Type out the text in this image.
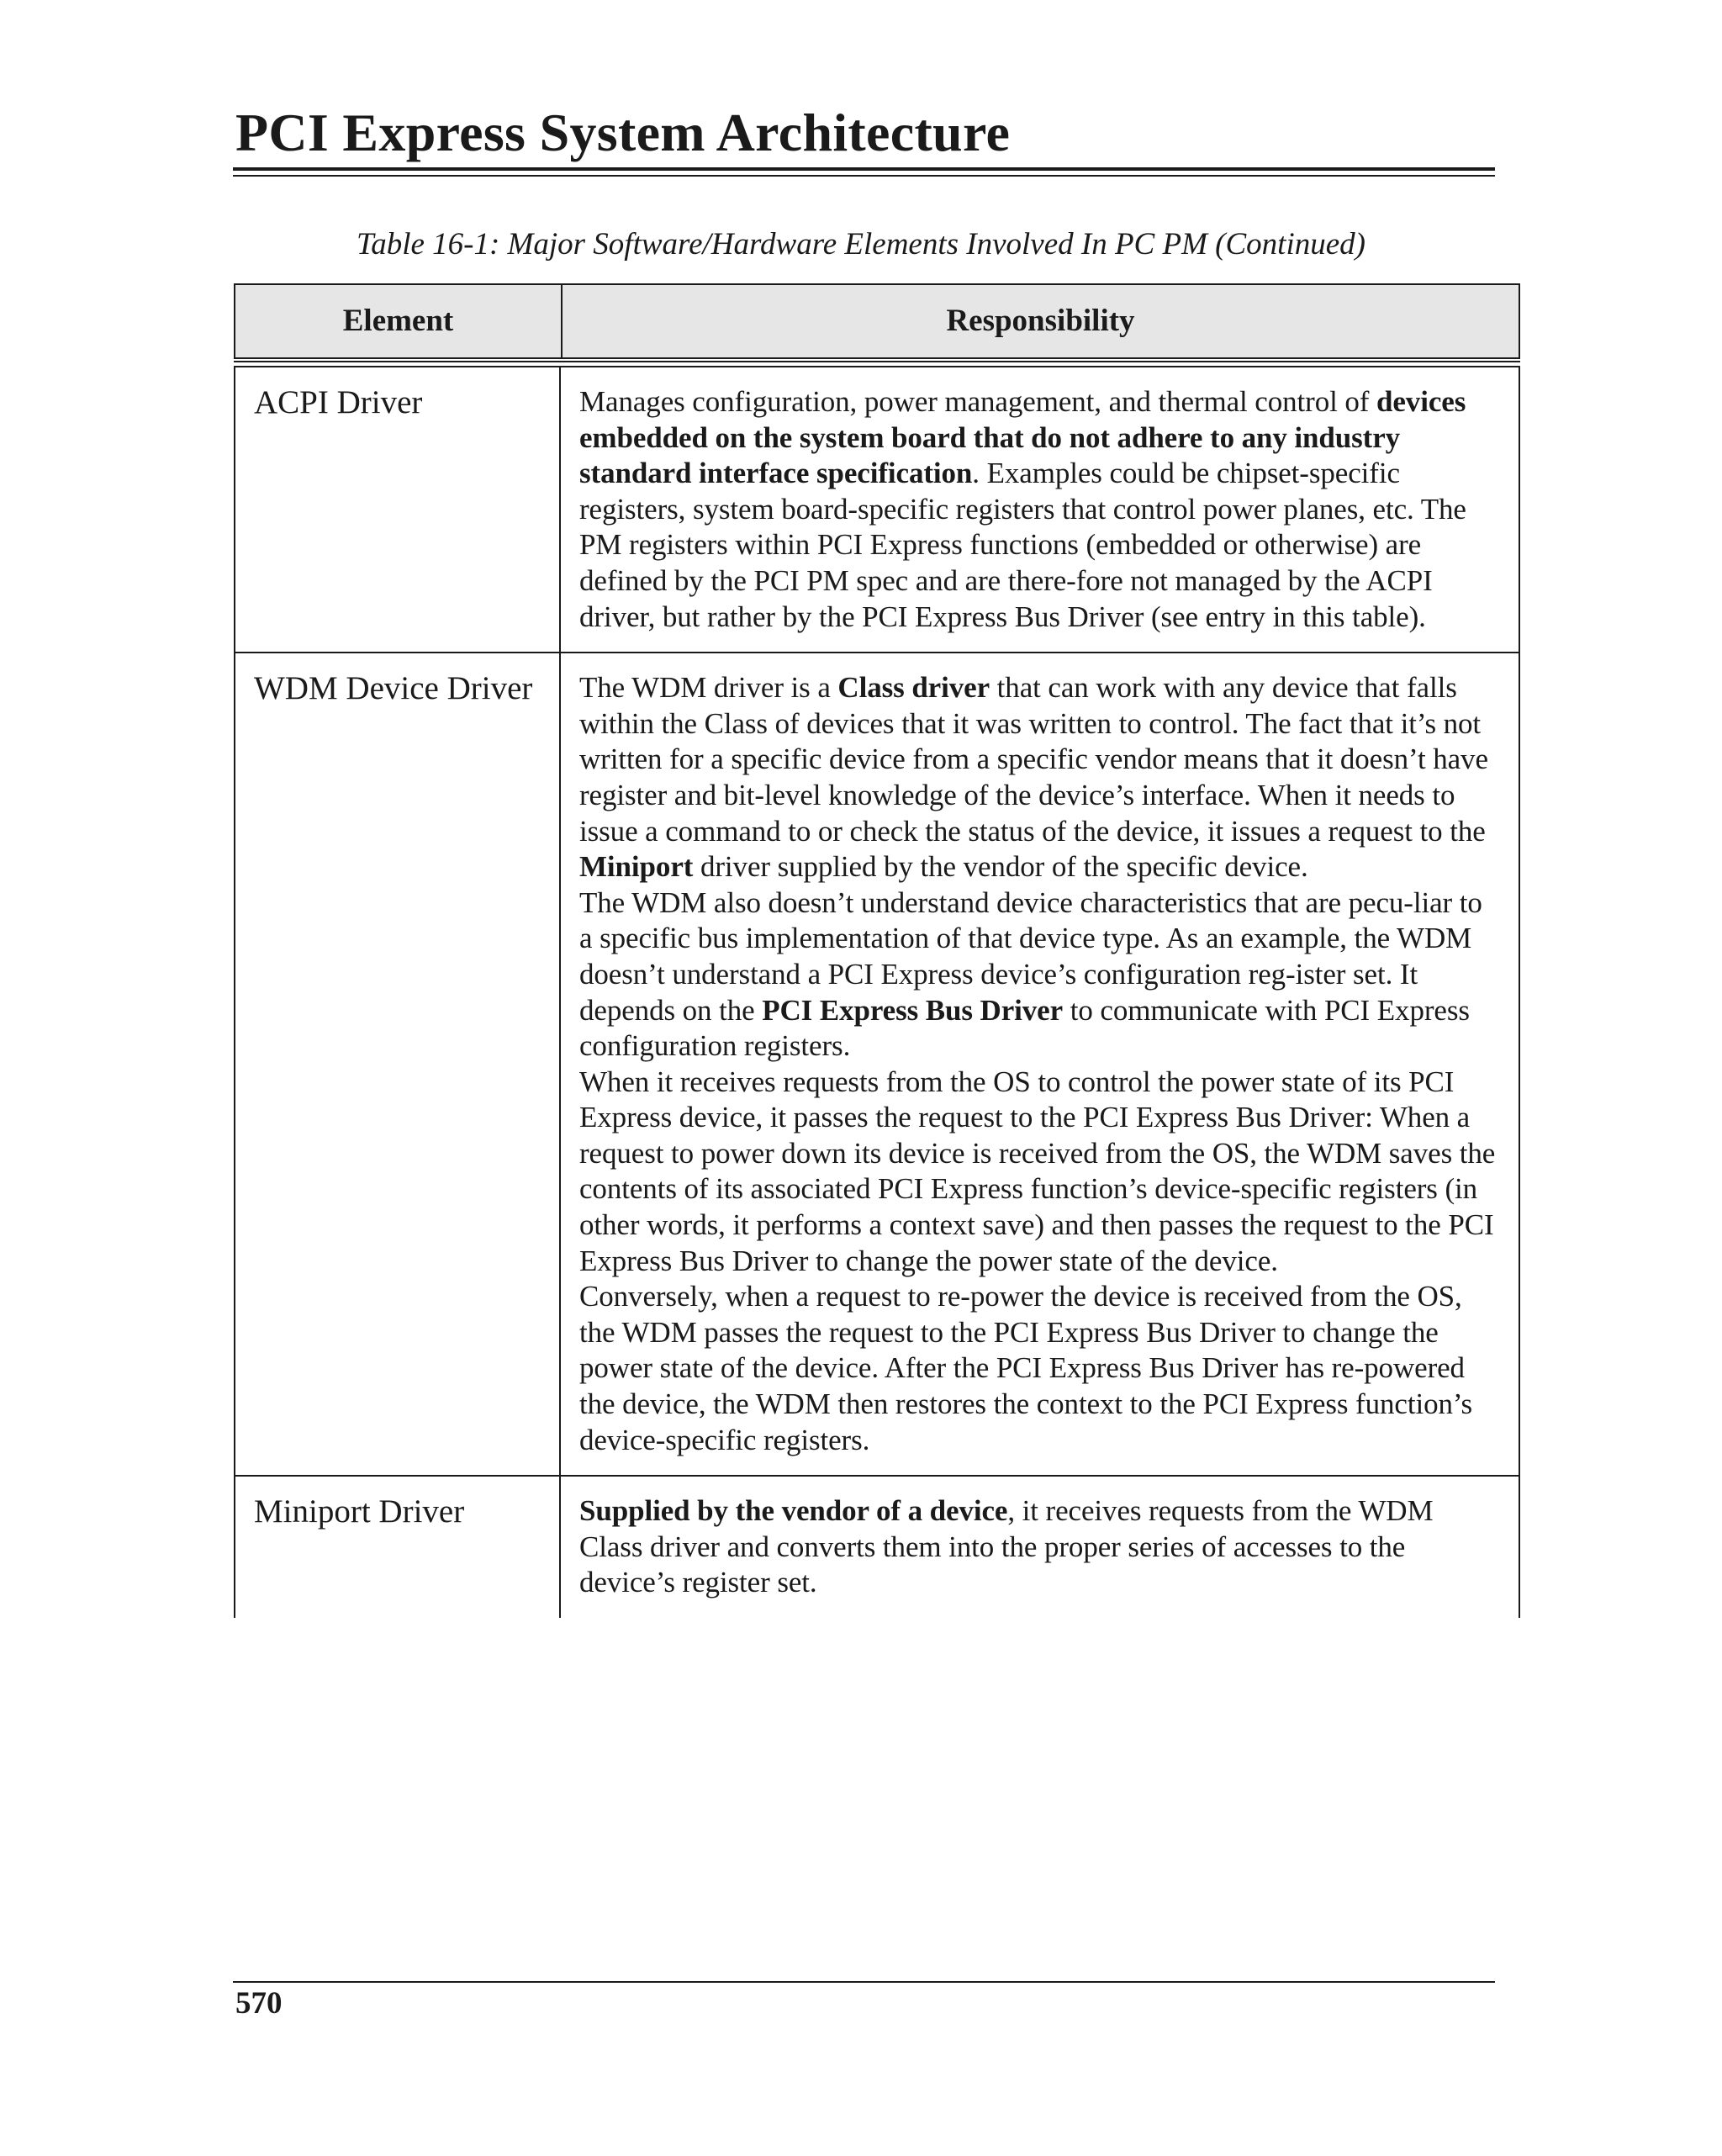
PCI Express System Architecture

Table 16-1: Major Software/Hardware Elements Involved In PC PM (Continued)

Element	Responsibility
ACPI Driver	Manages configuration, power management, and thermal control of devices embedded on the system board that do not adhere to any industry standard interface specification. Examples could be chipset-specific registers, system board-specific registers that control power planes, etc. The PM registers within PCI Express functions (embedded or otherwise) are defined by the PCI PM spec and are there-fore not managed by the ACPI driver, but rather by the PCI Express Bus Driver (see entry in this table).

WDM Device Driver	The WDM driver is a Class driver that can work with any device that falls within the Class of devices that it was written to control. The fact that it’s not written for a specific device from a specific vendor means that it doesn’t have register and bit-level knowledge of the device’s interface. When it needs to issue a command to or check the status of the device, it issues a request to the Miniport driver supplied by the vendor of the specific device.

The WDM also doesn’t understand device characteristics that are pecu-liar to a specific bus implementation of that device type. As an example, the WDM doesn’t understand a PCI Express device’s configuration reg-ister set. It depends on the PCI Express Bus Driver to communicate with PCI Express configuration registers.

When it receives requests from the OS to control the power state of its PCI Express device, it passes the request to the PCI Express Bus Driver: When a request to power down its device is received from the OS, the WDM saves the contents of its associated PCI Express function’s device-specific registers (in other words, it performs a context save) and then passes the request to the PCI Express Bus Driver to change the power state of the device.

Conversely, when a request to re-power the device is received from the OS, the WDM passes the request to the PCI Express Bus Driver to change the power state of the device. After the PCI Express Bus Driver has re-powered the device, the WDM then restores the context to the PCI Express function’s device-specific registers.

Miniport Driver	Supplied by the vendor of a device, it receives requests from the WDM Class driver and converts them into the proper series of accesses to the device’s register set.

570
